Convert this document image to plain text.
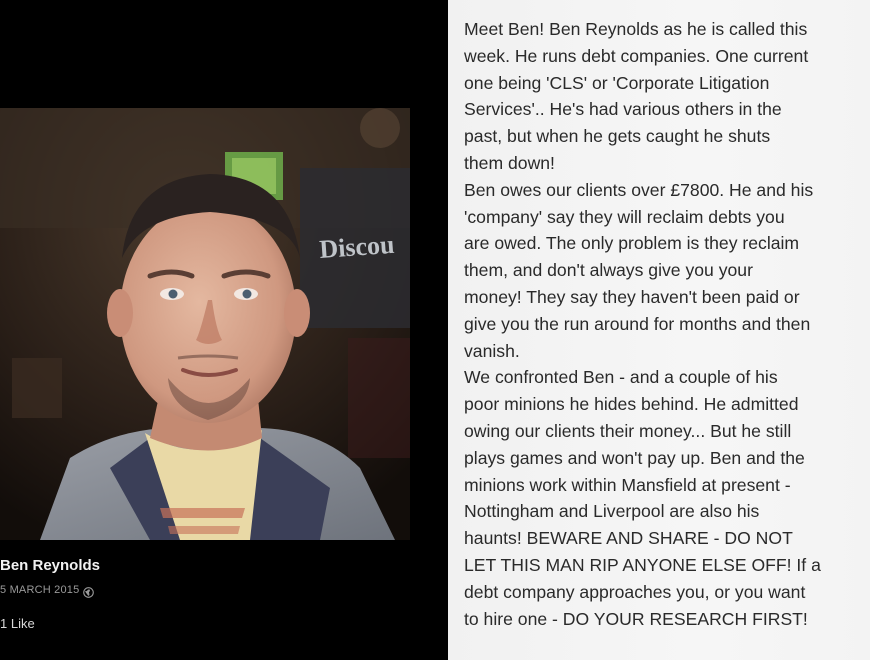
Discou
Ben Reynolds
5 MARCH 2015
1 Like
Meet Ben! Ben Reynolds as he is called this
week. He runs debt companies. One current
one being 'CLS' or 'Corporate Litigation
Services'.. He's had various others in the
past, but when he gets caught he shuts
them down!
Ben owes our clients over £7800. He and his
'company' say they will reclaim debts you
are owed. The only problem is they reclaim
them, and don't always give you your
money! They say they haven't been paid or
give you the run around for months and then
vanish.
We confronted Ben - and a couple of his
poor minions he hides behind. He admitted
owing our clients their money... But he still
plays games and won't pay up. Ben and the
minions work within Mansfield at present -
Nottingham and Liverpool are also his
haunts! BEWARE AND SHARE - DO NOT
LET THIS MAN RIP ANYONE ELSE OFF! If a
debt company approaches you, or you want
to hire one - DO YOUR RESEARCH FIRST!
